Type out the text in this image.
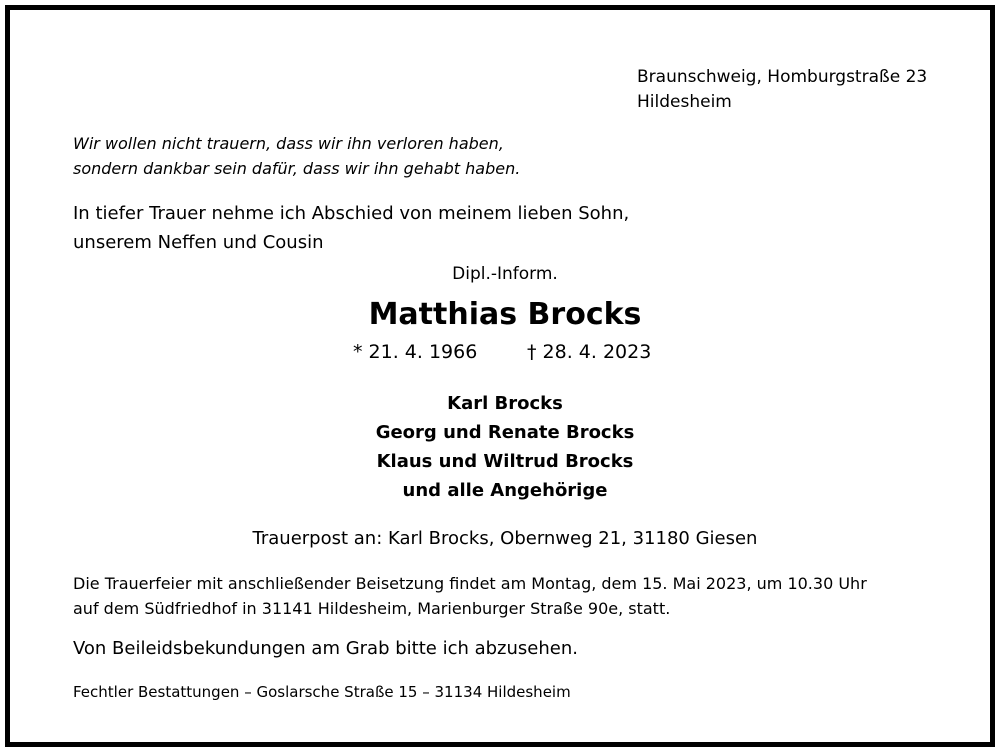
Braunschweig, Homburgstraße 23
Hildesheim
Wir wollen nicht trauern, dass wir ihn verloren haben,
sondern dankbar sein dafür, dass wir ihn gehabt haben.
In tiefer Trauer nehme ich Abschied von meinem lieben Sohn,
unserem Neffen und Cousin
Dipl.-Inform.
Matthias Brocks
* 21. 4. 1966	† 28. 4. 2023
Karl Brocks
Georg und Renate Brocks
Klaus und Wiltrud Brocks
und alle Angehörige
Trauerpost an: Karl Brocks, Obernweg 21, 31180 Giesen
Die Trauerfeier mit anschließender Beisetzung findet am Montag, dem 15. Mai 2023, um 10.30 Uhr
auf dem Südfriedhof in 31141 Hildesheim, Marienburger Straße 90e, statt.
Von Beileidsbekundungen am Grab bitte ich abzusehen.
Fechtler Bestattungen – Goslarsche Straße 15 – 31134 Hildesheim
